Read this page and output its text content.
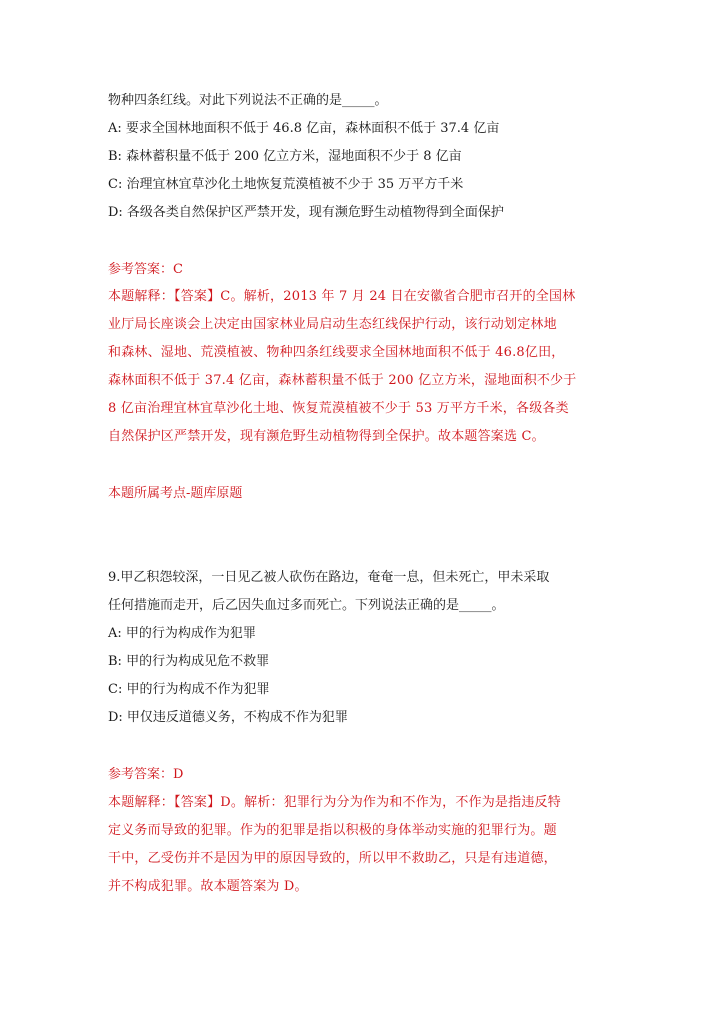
物种四条红线。对此下列说法不正确的是_____。
A: 要求全国林地面积不低于 46.8 亿亩，森林面积不低于 37.4 亿亩
B: 森林蓄积量不低于 200 亿立方米，湿地面积不少于 8 亿亩
C: 治理宜林宜草沙化土地恢复荒漠植被不少于 35 万平方千米
D: 各级各类自然保护区严禁开发，现有濒危野生动植物得到全面保护
参考答案：C
本题解释：【答案】C。解析，2013 年 7 月 24 日在安徽省合肥市召开的全国林
业厅局长座谈会上决定由国家林业局启动生态红线保护行动，该行动划定林地
和森林、湿地、荒漠植被、物种四条红线要求全国林地面积不低于 46.8亿田，
森林面积不低于 37.4 亿亩，森林蓄积量不低于 200 亿立方米，湿地面积不少于
8 亿亩治理宜林宜草沙化土地、恢复荒漠植被不少于 53 万平方千米，各级各类
自然保护区严禁开发，现有濒危野生动植物得到全保护。故本题答案选 C。
本题所属考点-题库原题
9.甲乙积怨较深，一日见乙被人砍伤在路边，奄奄一息，但未死亡，甲未采取
任何措施而走开，后乙因失血过多而死亡。下列说法正确的是_____。
A: 甲的行为构成作为犯罪
B: 甲的行为构成见危不救罪
C: 甲的行为构成不作为犯罪
D: 甲仅违反道德义务，不构成不作为犯罪
参考答案：D
本题解释：【答案】D。解析：犯罪行为分为作为和不作为，不作为是指违反特
定义务而导致的犯罪。作为的犯罪是指以积极的身体举动实施的犯罪行为。题
干中，乙受伤并不是因为甲的原因导致的，所以甲不救助乙，只是有违道德，
并不构成犯罪。故本题答案为 D。
